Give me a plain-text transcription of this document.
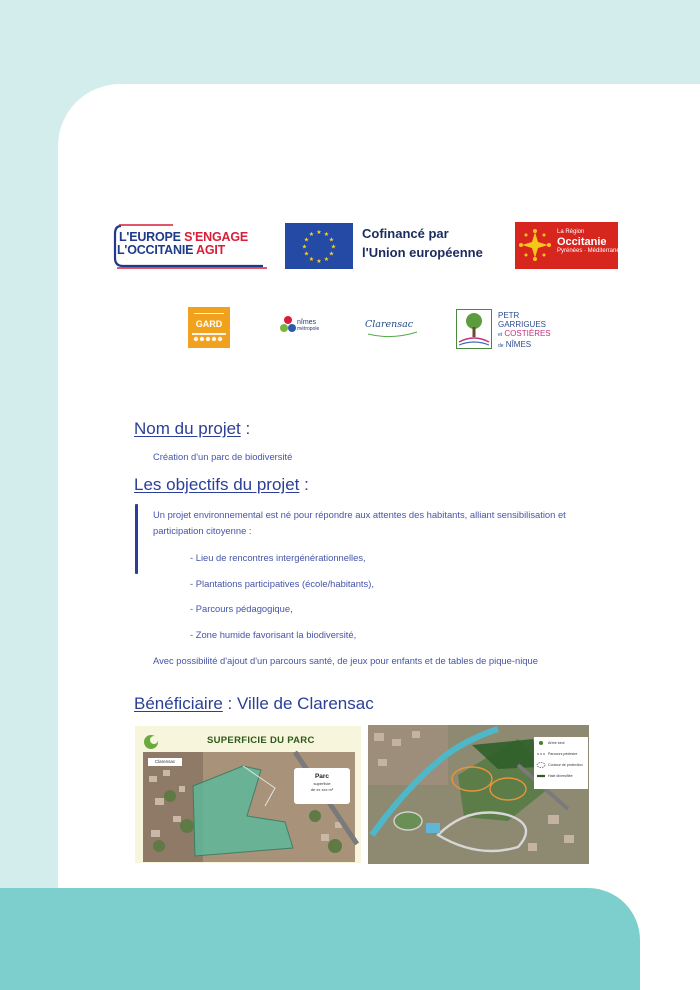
L'EUROPE S'ENGAGE
L'OCCITANIE AGIT
★ ★
★
★
★
★
★
★
★
★
★
★	Cofinancé par
l'Union européenne
La Région
Occitanie
Pyrénées · Méditerranée
GARD	nîmes
métropole	Clarensac
PETR
GARRIGUES
et COSTIÈRES
de NÎMES
Nom du projet :
Création d'un parc de biodiversité
Les objectifs du projet :
Un projet environnemental est né pour répondre aux attentes des habitants, alliant sensibilisation et
participation citoyenne :
- Lieu de rencontres intergénérationnelles,
- Plantations participatives (école/habitants),
- Parcours pédagogique,
- Zone humide favorisant la biodiversité,
Avec possibilité d'ajout d'un parcours santé, de jeux pour enfants et de tables de pique-nique
Bénéficiaire : Ville de Clarensac
SUPERFICIE DU PARC
Clarensac
Parc
superficie
de xx xxx m²
Arbre seul
Parcours pédestre
Contour de protection
Haie diversifiée
